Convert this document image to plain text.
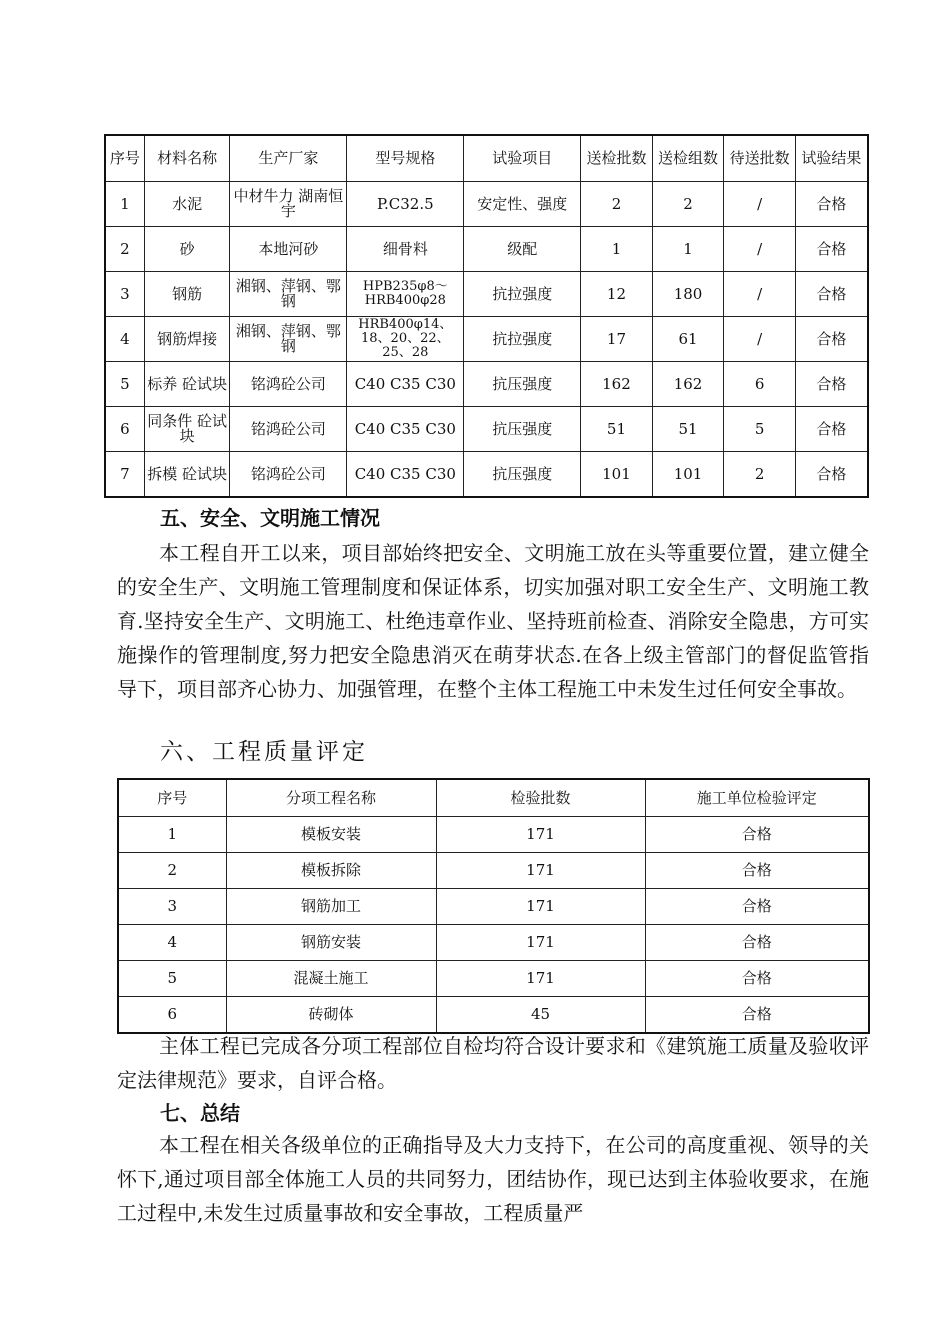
序号	材料名称	生产厂家	型号规格	试验项目	送检批数	送检组数	待送批数	试验结果
1	水泥	中材牛力 湖南恒宇	P.C32.5	安定性、强度	2	2	/	合格
2	砂	本地河砂	细骨料	级配	1	1	/	合格
3	钢筋	湘钢、萍钢、鄂钢	HPB235φ8～HRB400φ28	抗拉强度	12	180	/	合格
4	钢筋焊接	湘钢、萍钢、鄂钢	HRB400φ14、18、20、22、25、28	抗拉强度	17	61	/	合格
5	标养 砼试块	铭鸿砼公司	C40 C35 C30	抗压强度	162	162	6	合格
6	同条件 砼试块	铭鸿砼公司	C40 C35 C30	抗压强度	51	51	5	合格
7	拆模 砼试块	铭鸿砼公司	C40 C35 C30	抗压强度	101	101	2	合格
五、安全、文明施工情况

本工程自开工以来，项目部始终把安全、文明施工放在头等重要位置，建立健全的安全生产、文明施工管理制度和保证体系，切实加强对职工安全生产、文明施工教育.坚持安全生产、文明施工、杜绝违章作业、坚持班前检查、消除安全隐患，方可实施操作的管理制度,努力把安全隐患消灭在萌芽状态.在各上级主管部门的督促监管指导下，项目部齐心协力、加强管理，在整个主体工程施工中未发生过任何安全事故。

六、工程质量评定
序号	分项工程名称	检验批数	施工单位检验评定
1	模板安装	171	合格
2	模板拆除	171	合格
3	钢筋加工	171	合格
4	钢筋安装	171	合格
5	混凝土施工	171	合格
6	砖砌体	45	合格

主体工程已完成各分项工程部位自检均符合设计要求和《建筑施工质量及验收评定法律规范》要求，自评合格。

七、总结

本工程在相关各级单位的正确指导及大力支持下，在公司的高度重视、领导的关怀下,通过项目部全体施工人员的共同努力，团结协作，现已达到主体验收要求，在施工过程中,未发生过质量事故和安全事故，工程质量严
